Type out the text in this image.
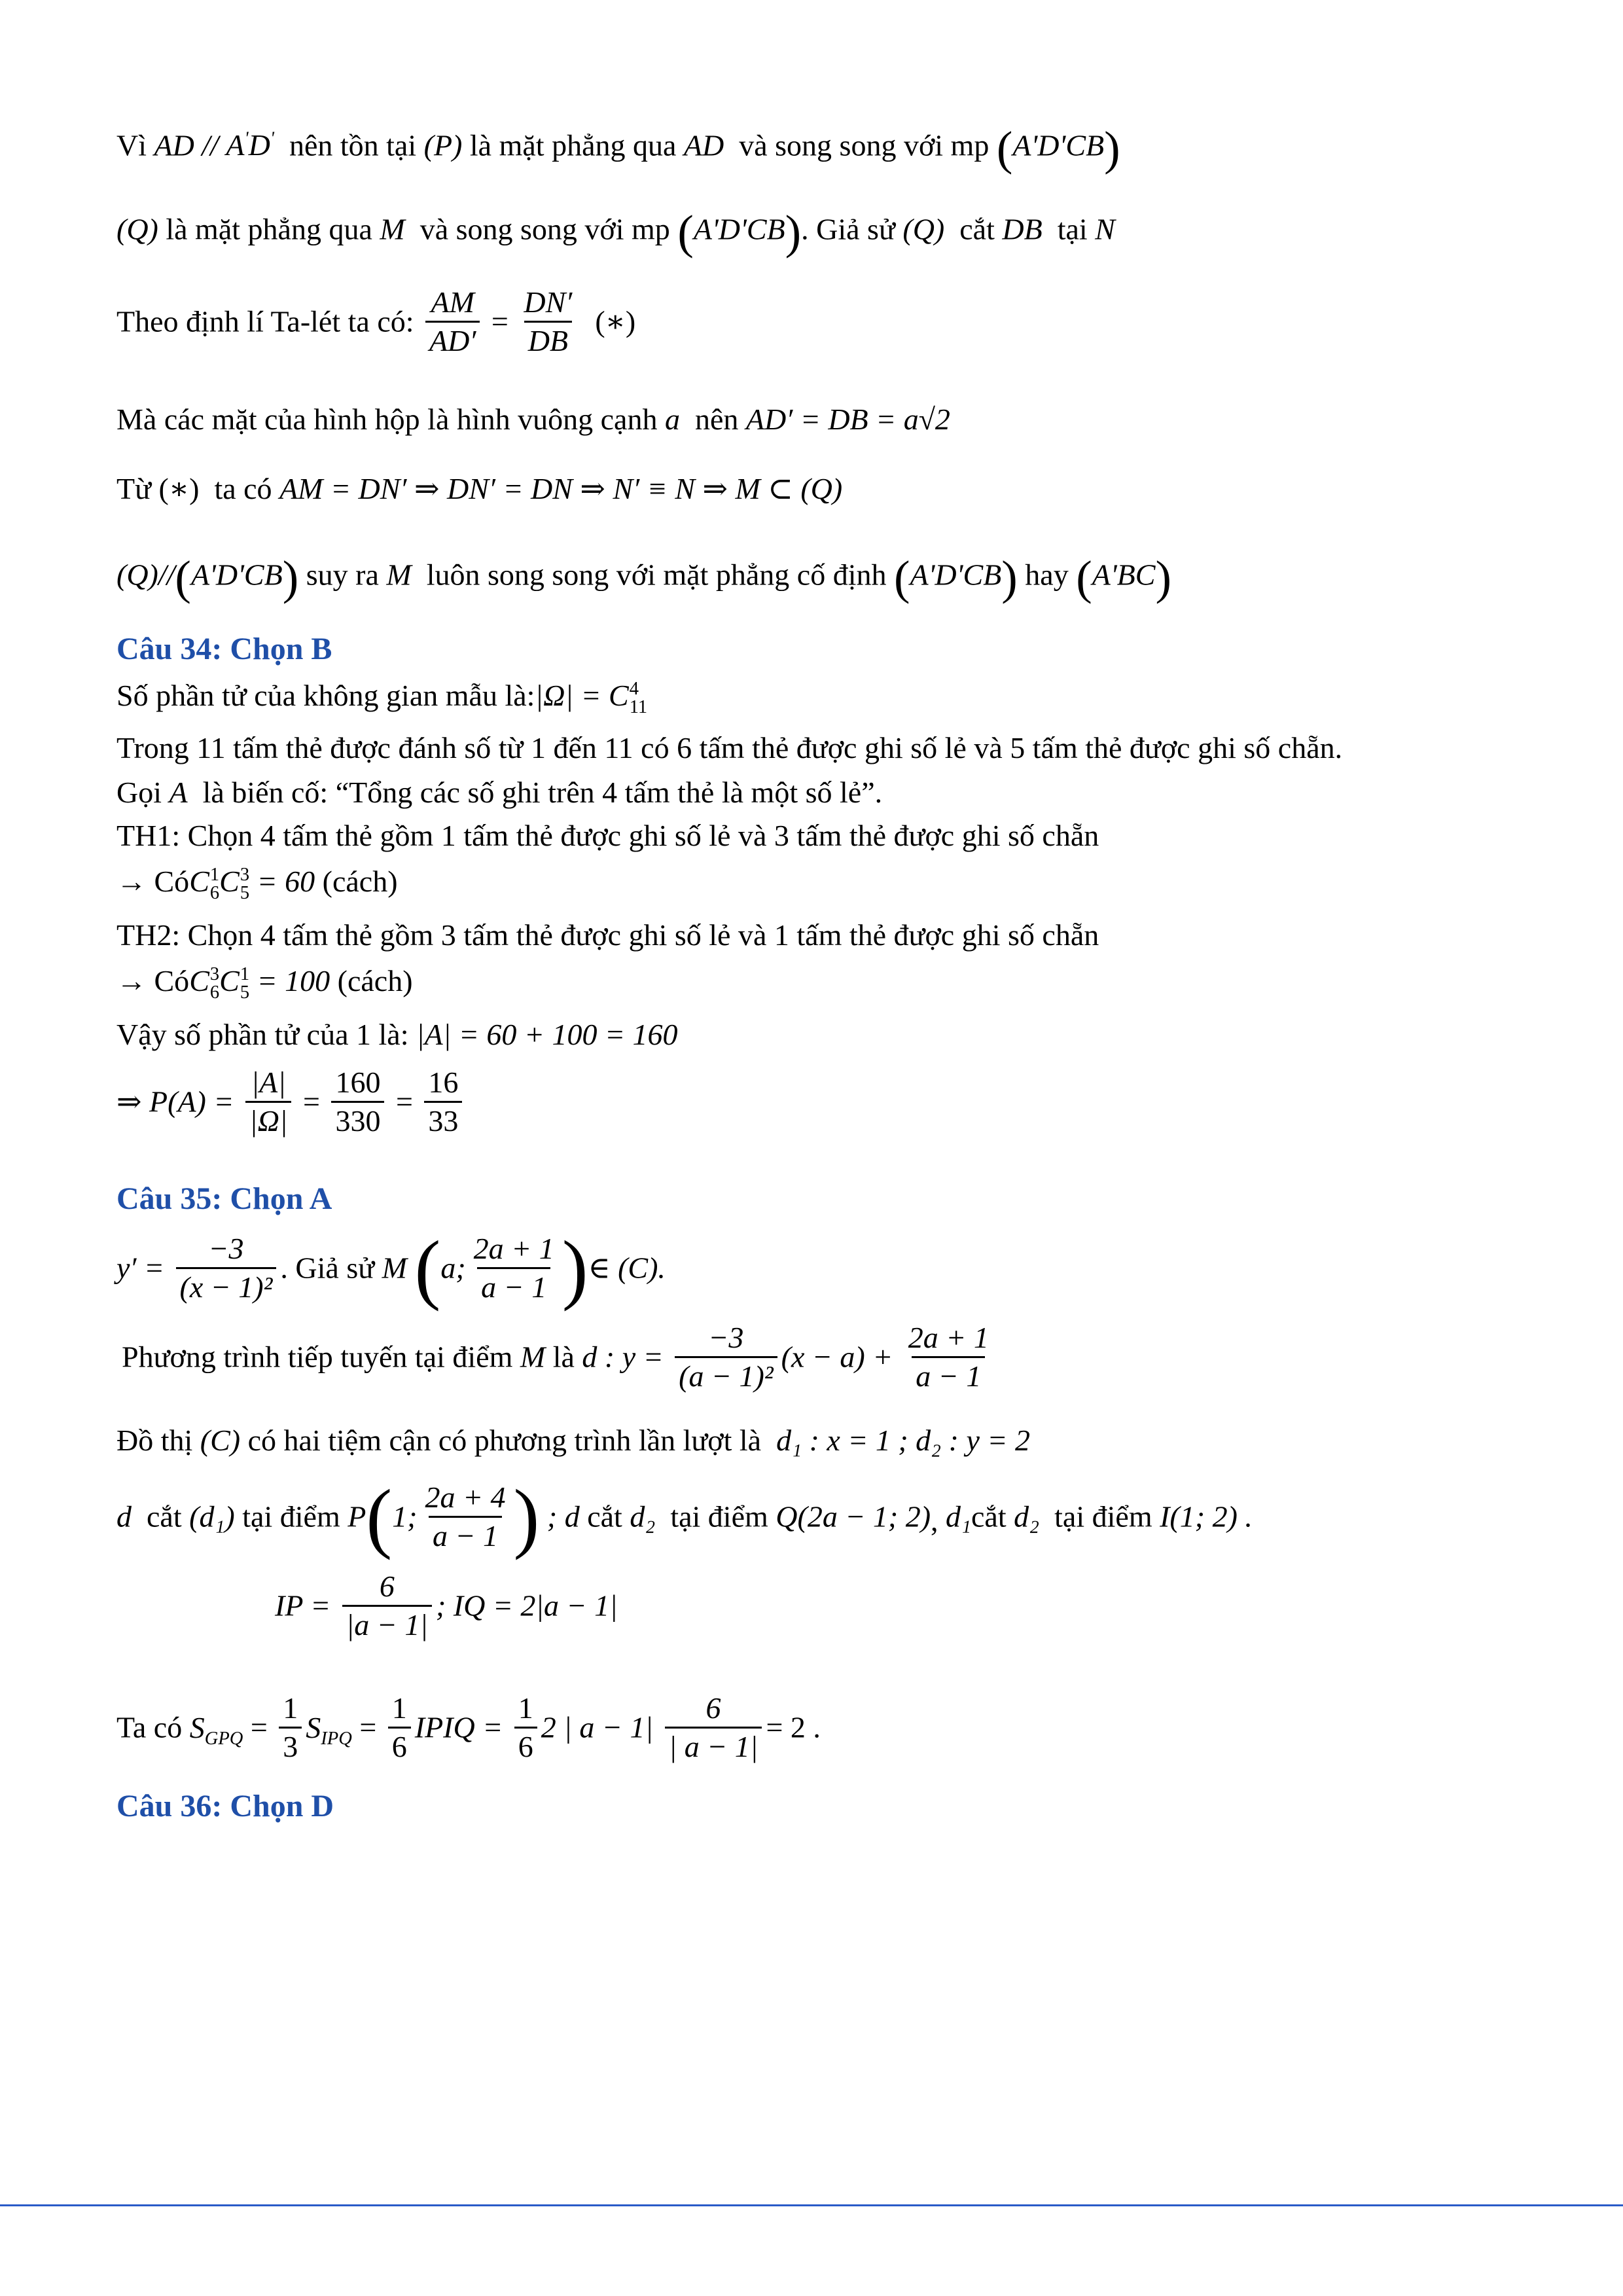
Vì AD // A'D' nên tồn tại (P) là mặt phẳng qua AD và song song với mp (A'D'CB)
(Q) là mặt phẳng qua M và song song với mp (A'D'CB). Giả sử (Q) cắt DB tại N
Theo định lí Ta-lét ta có: $\frac{AM}{AD'} = \frac{DN'}{DB}$ (∗)
Mà các mặt của hình hộp là hình vuông cạnh a nên AD′ = DB = a√2
Từ (∗) ta có AM = DN′ ⇒ DN′ = DN ⇒ N′ ≡ N ⇒ M ⊂ (Q)
(Q)//(A'D'CB) suy ra M luôn song song với mặt phẳng cố định (A'D'CB) hay (A'BC)
Câu 34: Chọn B
Số phần tử của không gian mẫu là:|Ω| = C 4
11
Trong 11 tấm thẻ được đánh số từ 1 đến 11 có 6 tấm thẻ được ghi số lẻ và 5 tấm thẻ được ghi số chẵn.
Gọi A là biến cố: “Tổng các số ghi trên 4 tấm thẻ là một số lẻ”.
TH1: Chọn 4 tấm thẻ gồm 1 tấm thẻ được ghi số lẻ và 3 tấm thẻ được ghi số chẵn
→ CóC 1
6 C 3
5 = 60 (cách)
TH2: Chọn 4 tấm thẻ gồm 3 tấm thẻ được ghi số lẻ và 1 tấm thẻ được ghi số chẵn
→ CóC 3
6 C 1
5 = 100 (cách)
Vậy số phần tử của 1 là: |A| = 60 + 100 = 160
⇒ $P(A) = \frac{|A|}{|\Omega|} = \frac{160}{330} = \frac{16}{33}$
Câu 35: Chọn A
$y' = \frac{-3}{\text{(x − 1)²}}$ . Giả sử M (a; $\frac{2a + 1}{a - 1}$ )∈ (C).
Phương trình tiếp tuyến tại điểm M là d : $y = \frac{-3}{\text{(a − 1)²}} (x - a) + \frac{2a + 1}{a - 1}$
Đồ thị (C) có hai tiệm cận có phương trình lần lượt là d₁ : x = 1 ; d₂ : y = 2
d cắt (d₁) tại điểm P(1; $\frac{2a + 4}{a - 1}$ ) ; d cắt d₂ tại điểm Q(2a − 1; 2), d₁cắt d₂ tại điểm I(1; 2) .
IP = $\frac{6}{|a - 1|}$ ; IQ = 2|a − 1|
Ta có $S_{GPQ} = \frac{1}{3} S_{IPQ} = \frac{1}{6}$ IPIQ = $\frac{1}{6} 2$ | $a - 1| \frac{6}{| a - 1|} = 2$ .
Câu 36: Chọn D
